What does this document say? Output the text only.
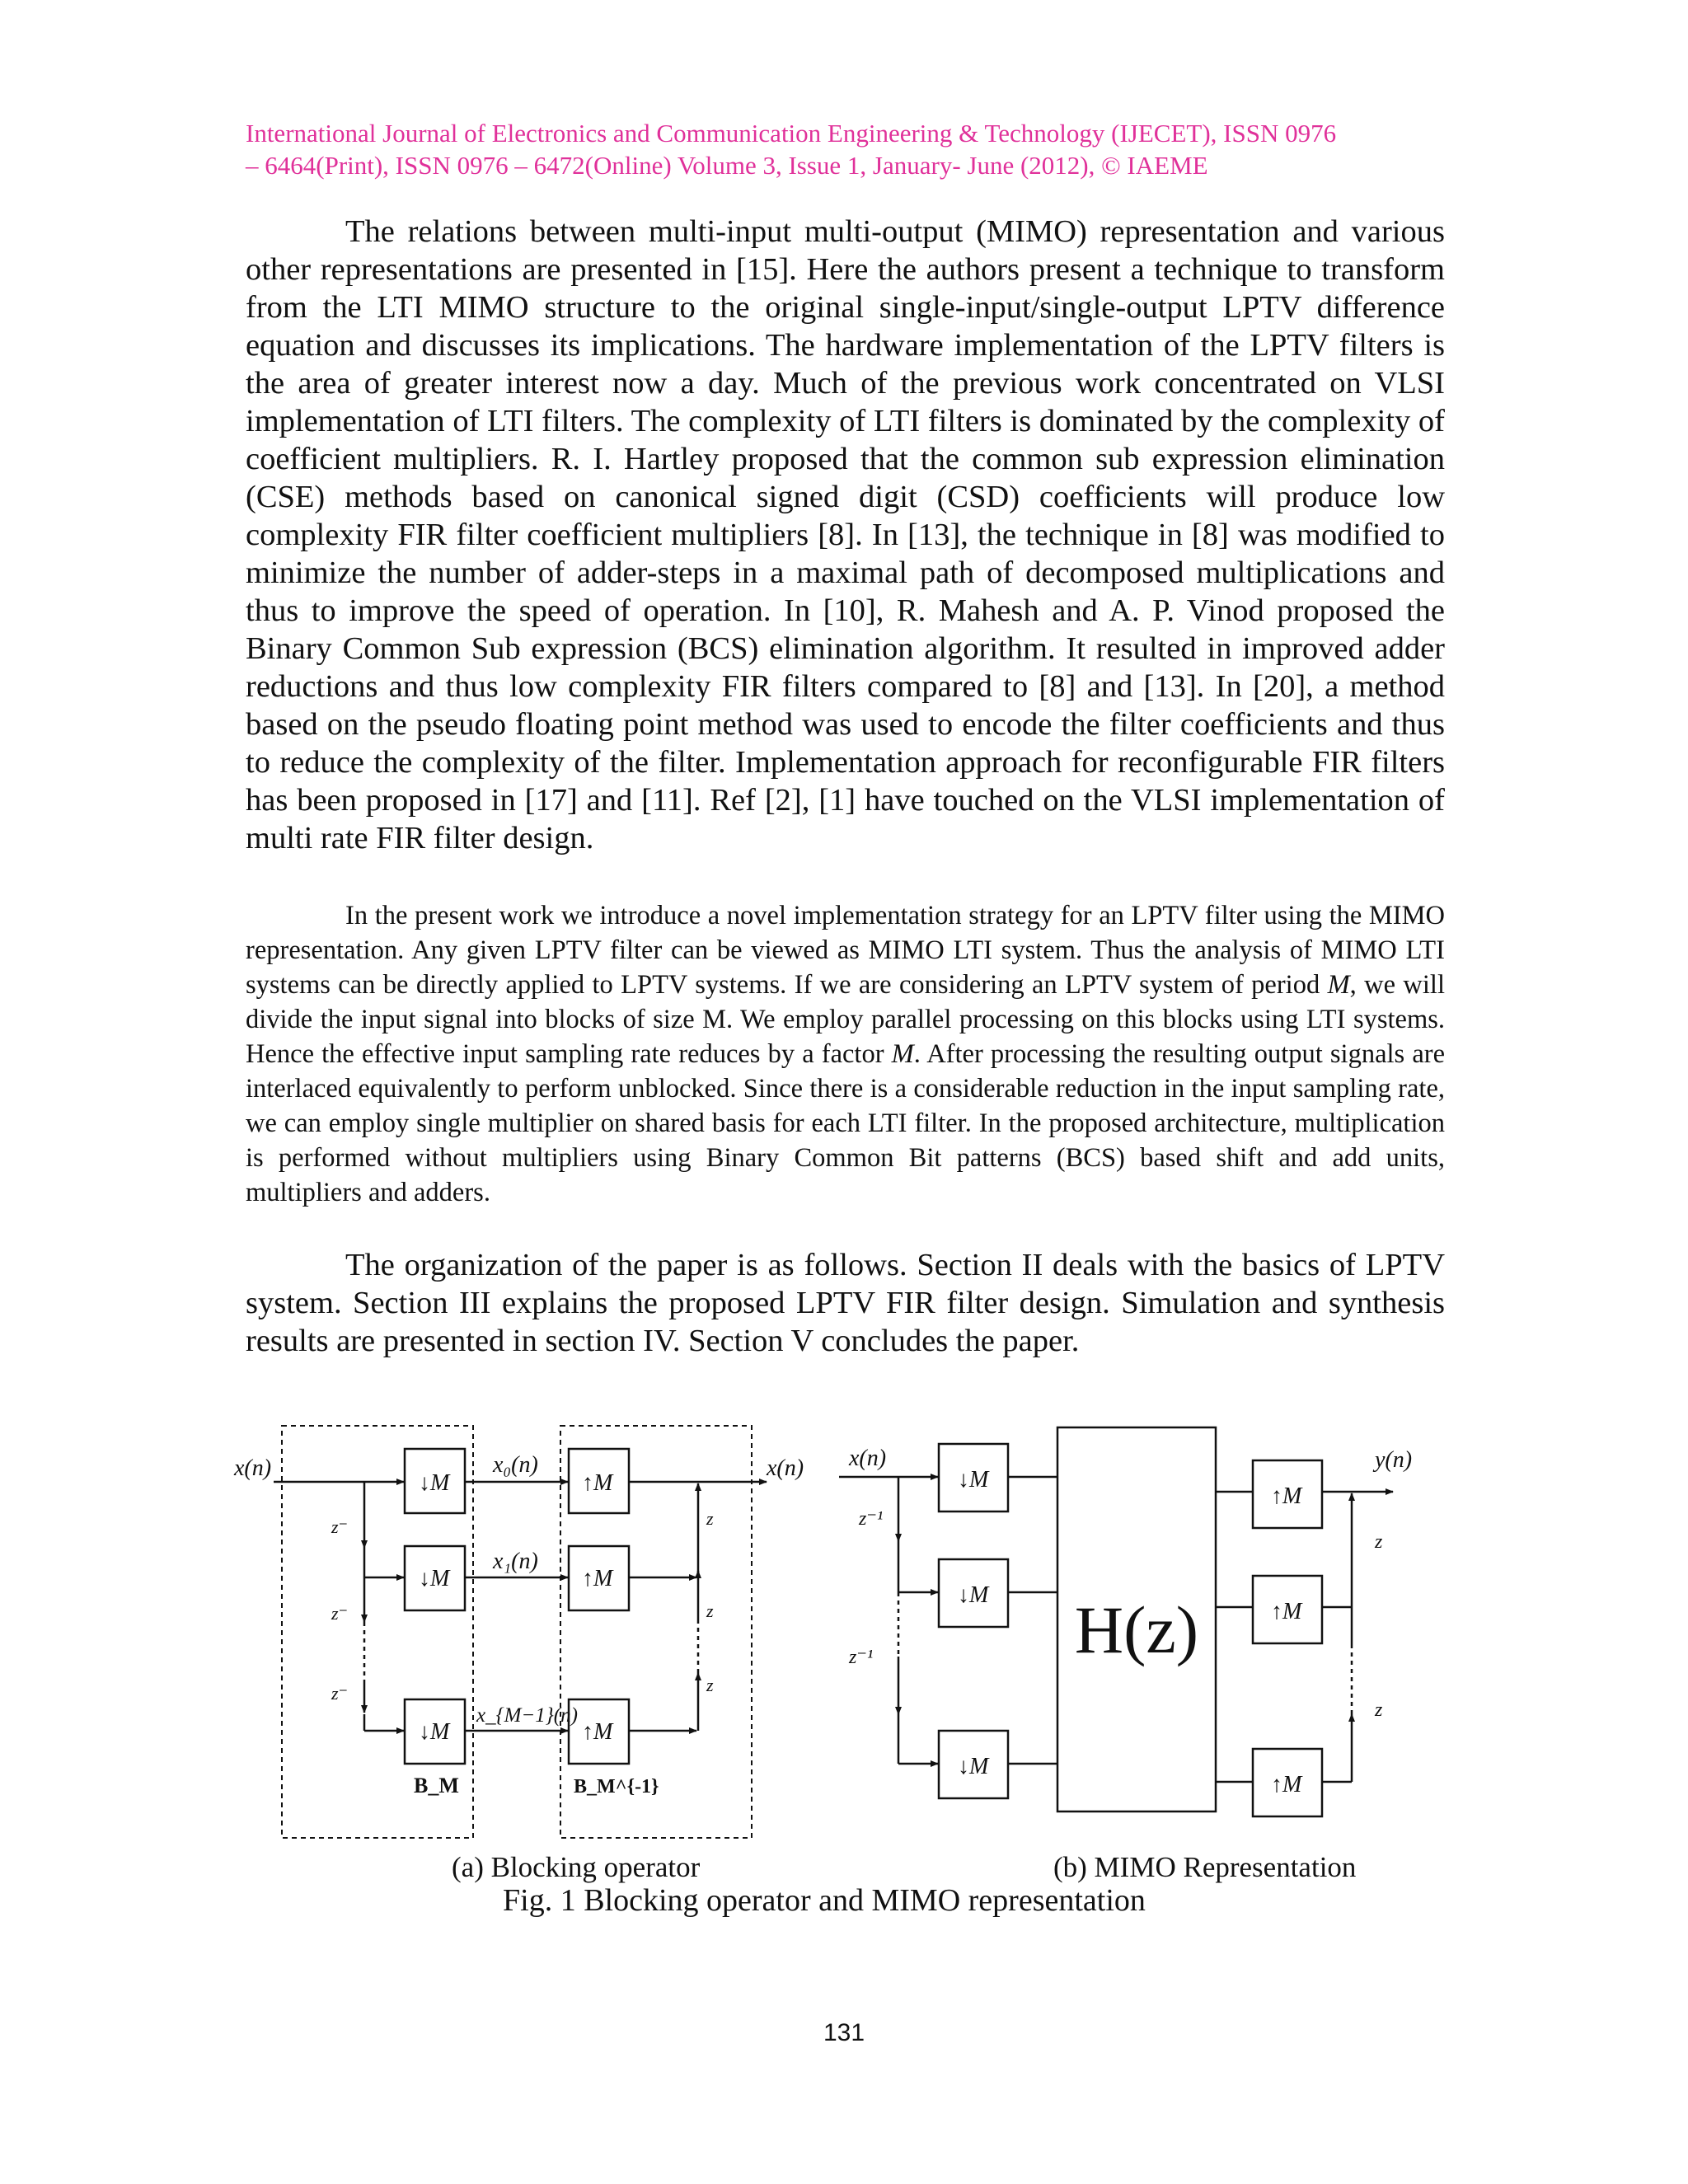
International Journal of Electronics and Communication Engineering & Technology (IJECET), ISSN 0976
– 6464(Print), ISSN 0976 – 6472(Online) Volume 3, Issue 1, January- June (2012), © IAEME

The relations between multi-input multi-output (MIMO) representation and various other representations are presented in [15]. Here the authors present a technique to transform from the LTI MIMO structure to the original single-input/single-output LPTV difference equation and discusses its implications. The hardware implementation of the LPTV filters is the area of greater interest now a day. Much of the previous work concentrated on VLSI implementation of LTI filters. The complexity of LTI filters is dominated by the complexity of coefficient multipliers. R. I. Hartley proposed that the common sub expression elimination (CSE) methods based on canonical signed digit (CSD) coefficients will produce low complexity FIR filter coefficient multipliers [8]. In [13], the technique in [8] was modified to minimize the number of adder-steps in a maximal path of decomposed multiplications and thus to improve the speed of operation. In [10], R. Mahesh and A. P. Vinod proposed the Binary Common Sub expression (BCS) elimination algorithm. It resulted in improved adder reductions and thus low complexity FIR filters compared to [8] and [13]. In [20], a method based on the pseudo floating point method was used to encode the filter coefficients and thus to reduce the complexity of the filter. Implementation approach for reconfigurable FIR filters has been proposed in [17] and [11]. Ref [2], [1] have touched on the VLSI implementation of multi rate FIR filter design.

In the present work we introduce a novel implementation strategy for an LPTV filter using the MIMO representation. Any given LPTV filter can be viewed as MIMO LTI system. Thus the analysis of MIMO LTI systems can be directly applied to LPTV systems. If we are considering an LPTV system of period M, we will divide the input signal into blocks of size M. We employ parallel processing on this blocks using LTI systems. Hence the effective input sampling rate reduces by a factor M. After processing the resulting output signals are interlaced equivalently to perform unblocked. Since there is a considerable reduction in the input sampling rate, we can employ single multiplier on shared basis for each LTI filter. In the proposed architecture, multiplication is performed without multipliers using Binary Common Bit patterns (BCS) based shift and add units, multipliers and adders.

The organization of the paper is as follows. Section II deals with the basics of LPTV system. Section III explains the proposed LPTV FIR filter design. Simulation and synthesis results are presented in section IV. Section V concludes the paper.

x(n)	x(n)
x₀(n)
x₁(n)
x_{M−1}(n)
z⁻
z⁻
z⁻
z
z
z
↓M
↓M
↓M
↑M
↑M
↑M
B_M	B_M^{-1}
x(n)	y(n)
z⁻¹
z⁻¹
z
z
↓M
↓M
↓M
↑M
↑M
↑M
H(z)
(a) Blocking operator	(b) MIMO Representation
Fig. 1 Blocking operator and MIMO representation
131
